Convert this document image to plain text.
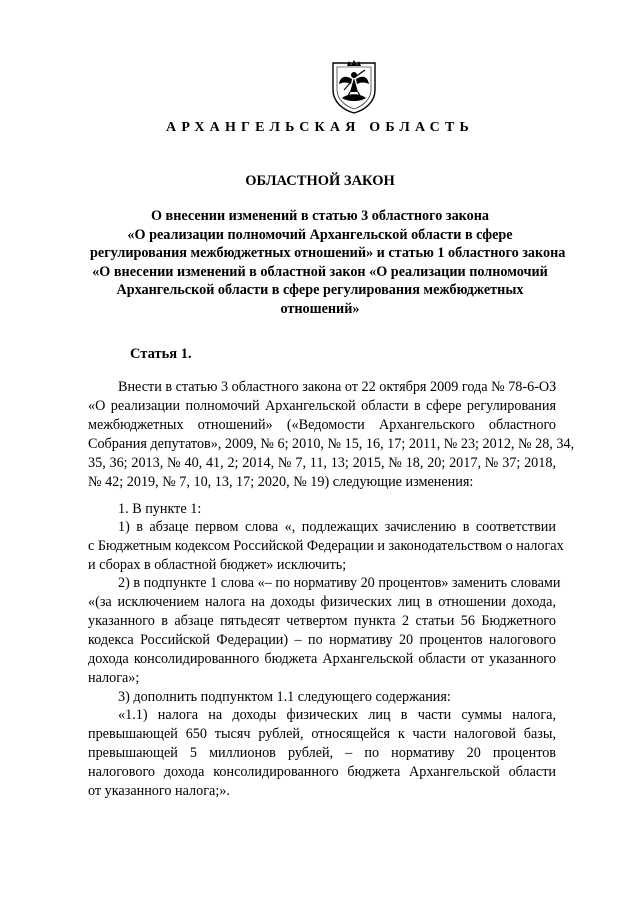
АРХАНГЕЛЬСКАЯ ОБЛАСТЬ
ОБЛАСТНОЙ ЗАКОН
О внесении изменений в статью 3 областного закона
«О реализации полномочий Архангельской области в сфере
регулирования межбюджетных отношений» и статью 1 областного закона
«О внесении изменений в областной закон «О реализации полномочий
Архангельской области в сфере регулирования межбюджетных
отношений»
Статья 1.
Внести в статью 3 областного закона от 22 октября 2009 года № 78-6-ОЗ
«О реализации полномочий Архангельской области в сфере регулирования
межбюджетных отношений» («Ведомости Архангельского областного
Собрания депутатов», 2009, № 6; 2010, № 15, 16, 17; 2011, № 23; 2012, № 28, 34,
35, 36; 2013, № 40, 41, 2; 2014, № 7, 11, 13; 2015, № 18, 20; 2017, № 37; 2018,
№ 42; 2019, № 7, 10, 13, 17; 2020, № 19) следующие изменения:
1. В пункте 1:
1) в абзаце первом слова «, подлежащих зачислению в соответствии
с Бюджетным кодексом Российской Федерации и законодательством о налогах
и сборах в областной бюджет» исключить;
2) в подпункте 1 слова «– по нормативу 20 процентов» заменить словами
«(за исключением налога на доходы физических лиц в отношении дохода,
указанного в абзаце пятьдесят четвертом пункта 2 статьи 56 Бюджетного
кодекса Российской Федерации) – по нормативу 20 процентов налогового
дохода консолидированного бюджета Архангельской области от указанного
налога»;
3) дополнить подпунктом 1.1 следующего содержания:
«1.1) налога на доходы физических лиц в части суммы налога,
превышающей 650 тысяч рублей, относящейся к части налоговой базы,
превышающей 5 миллионов рублей, – по нормативу 20 процентов
налогового дохода консолидированного бюджета Архангельской области
от указанного налога;».
